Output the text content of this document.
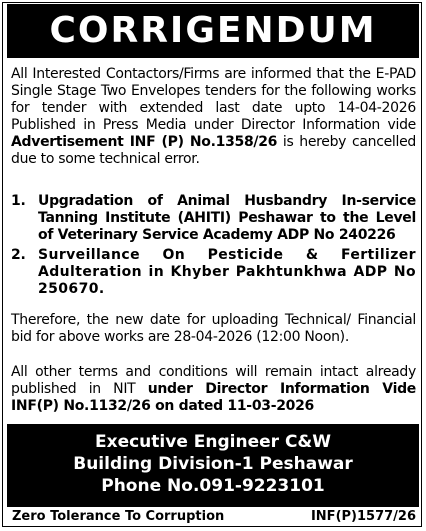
CORRIGENDUM
All Interested Contactors/Firms are informed that the E-PAD Single Stage Two Envelopes tenders for the following works for tender with extended last date upto 14-04-2026 Published in Press Media under Director Information vide Advertisement INF (P) No.1358/26 is hereby cancelled due to some technical error.
1. Upgradation of Animal Husbandry In-service Tanning Institute (AHITI) Peshawar to the Level of Veterinary Service Academy ADP No 240226
2. Surveillance On Pesticide & Fertilizer Adulteration in Khyber Pakhtunkhwa ADP No 250670.
Therefore, the new date for uploading Technical/ Financial bid for above works are 28-04-2026 (12:00 Noon).
All other terms and conditions will remain intact already published in NIT under Director Information Vide INF(P) No.1132/26 on dated 11-03-2026
Executive Engineer C&W
Building Division-1 Peshawar
Phone No.091-9223101
Zero Tolerance To Corruption	INF(P)1577/26
